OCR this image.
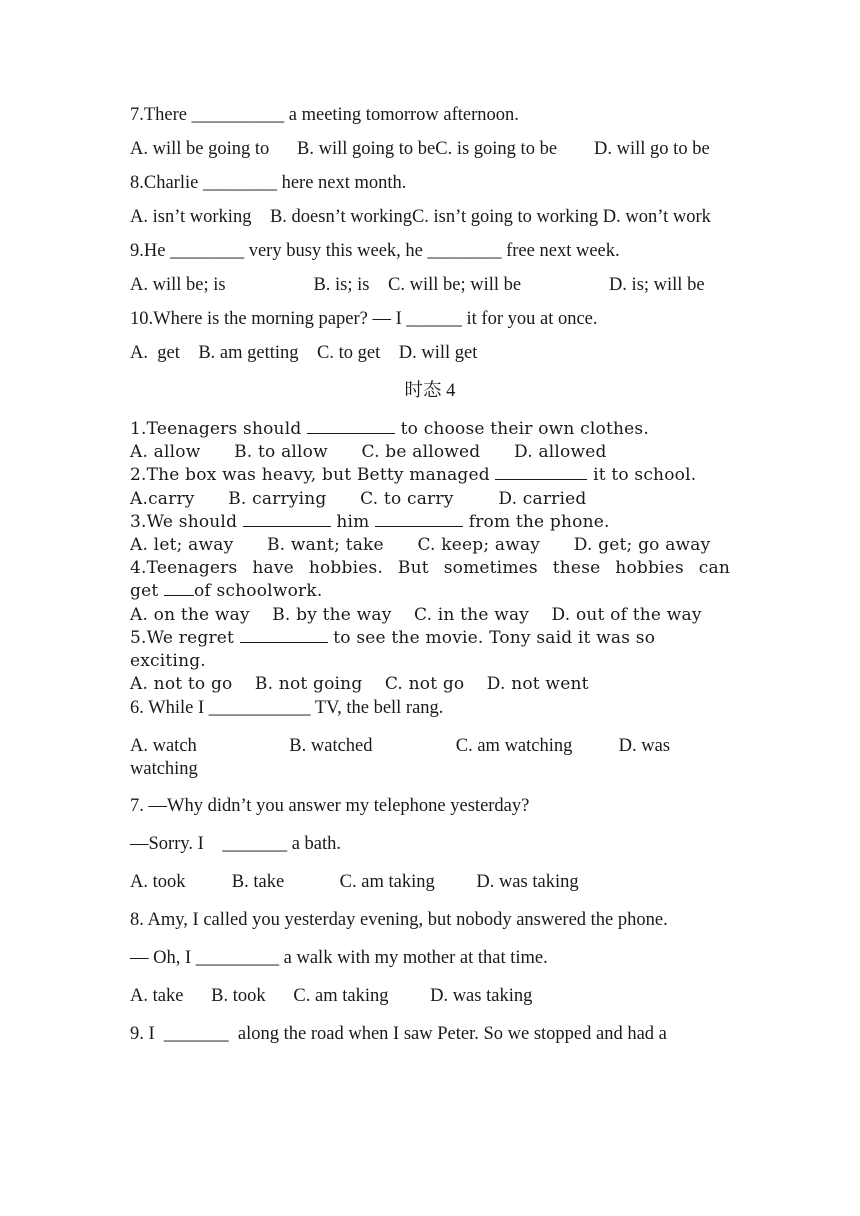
7.There __________ a meeting tomorrow afternoon.

A. will be going to      B. will going to beC. is going to be        D. will go to be

8.Charlie ________ here next month.

A. isn’t working    B. doesn’t workingC. isn’t going to working D. won’t work

9.He ________ very busy this week, he ________ free next week.

A. will be; is                   B. is; is    C. will be; will be                   D. is; will be

10.Where is the morning paper? — I ______ it for you at once.

A.  get    B. am getting    C. to get    D. will get

时态 4

1.Teenagers should	to choose their own clothes.

A. allow      B. to allow      C. be allowed      D. allowed

2.The box was heavy, but Betty managed	it to school.

A.carry      B. carrying      C. to carry        D. carried

3.We should	him	from the phone.

A. let; away      B. want; take      C. keep; away      D. get; go away

4.Teenagers have hobbies. But sometimes these hobbies can

get of schoolwork.

A. on the way    B. by the way    C. in the way    D. out of the way

5.We regret	to see the movie. Tony said it was so exciting.

A. not to go    B. not going    C. not go    D. not went

6. While I ___________ TV, the bell rang.

A. watch                    B. watched                  C. am watching          D. was

watching

7. —Why didn’t you answer my telephone yesterday?

—Sorry. I    _______ a bath.

A. took          B. take            C. am taking         D. was taking

8. Amy, I called you yesterday evening, but nobody answered the phone.

— Oh, I _________ a walk with my mother at that time.

A. take      B. took      C. am taking         D. was taking

9. I  _______  along the road when I saw Peter. So we stopped and had a
